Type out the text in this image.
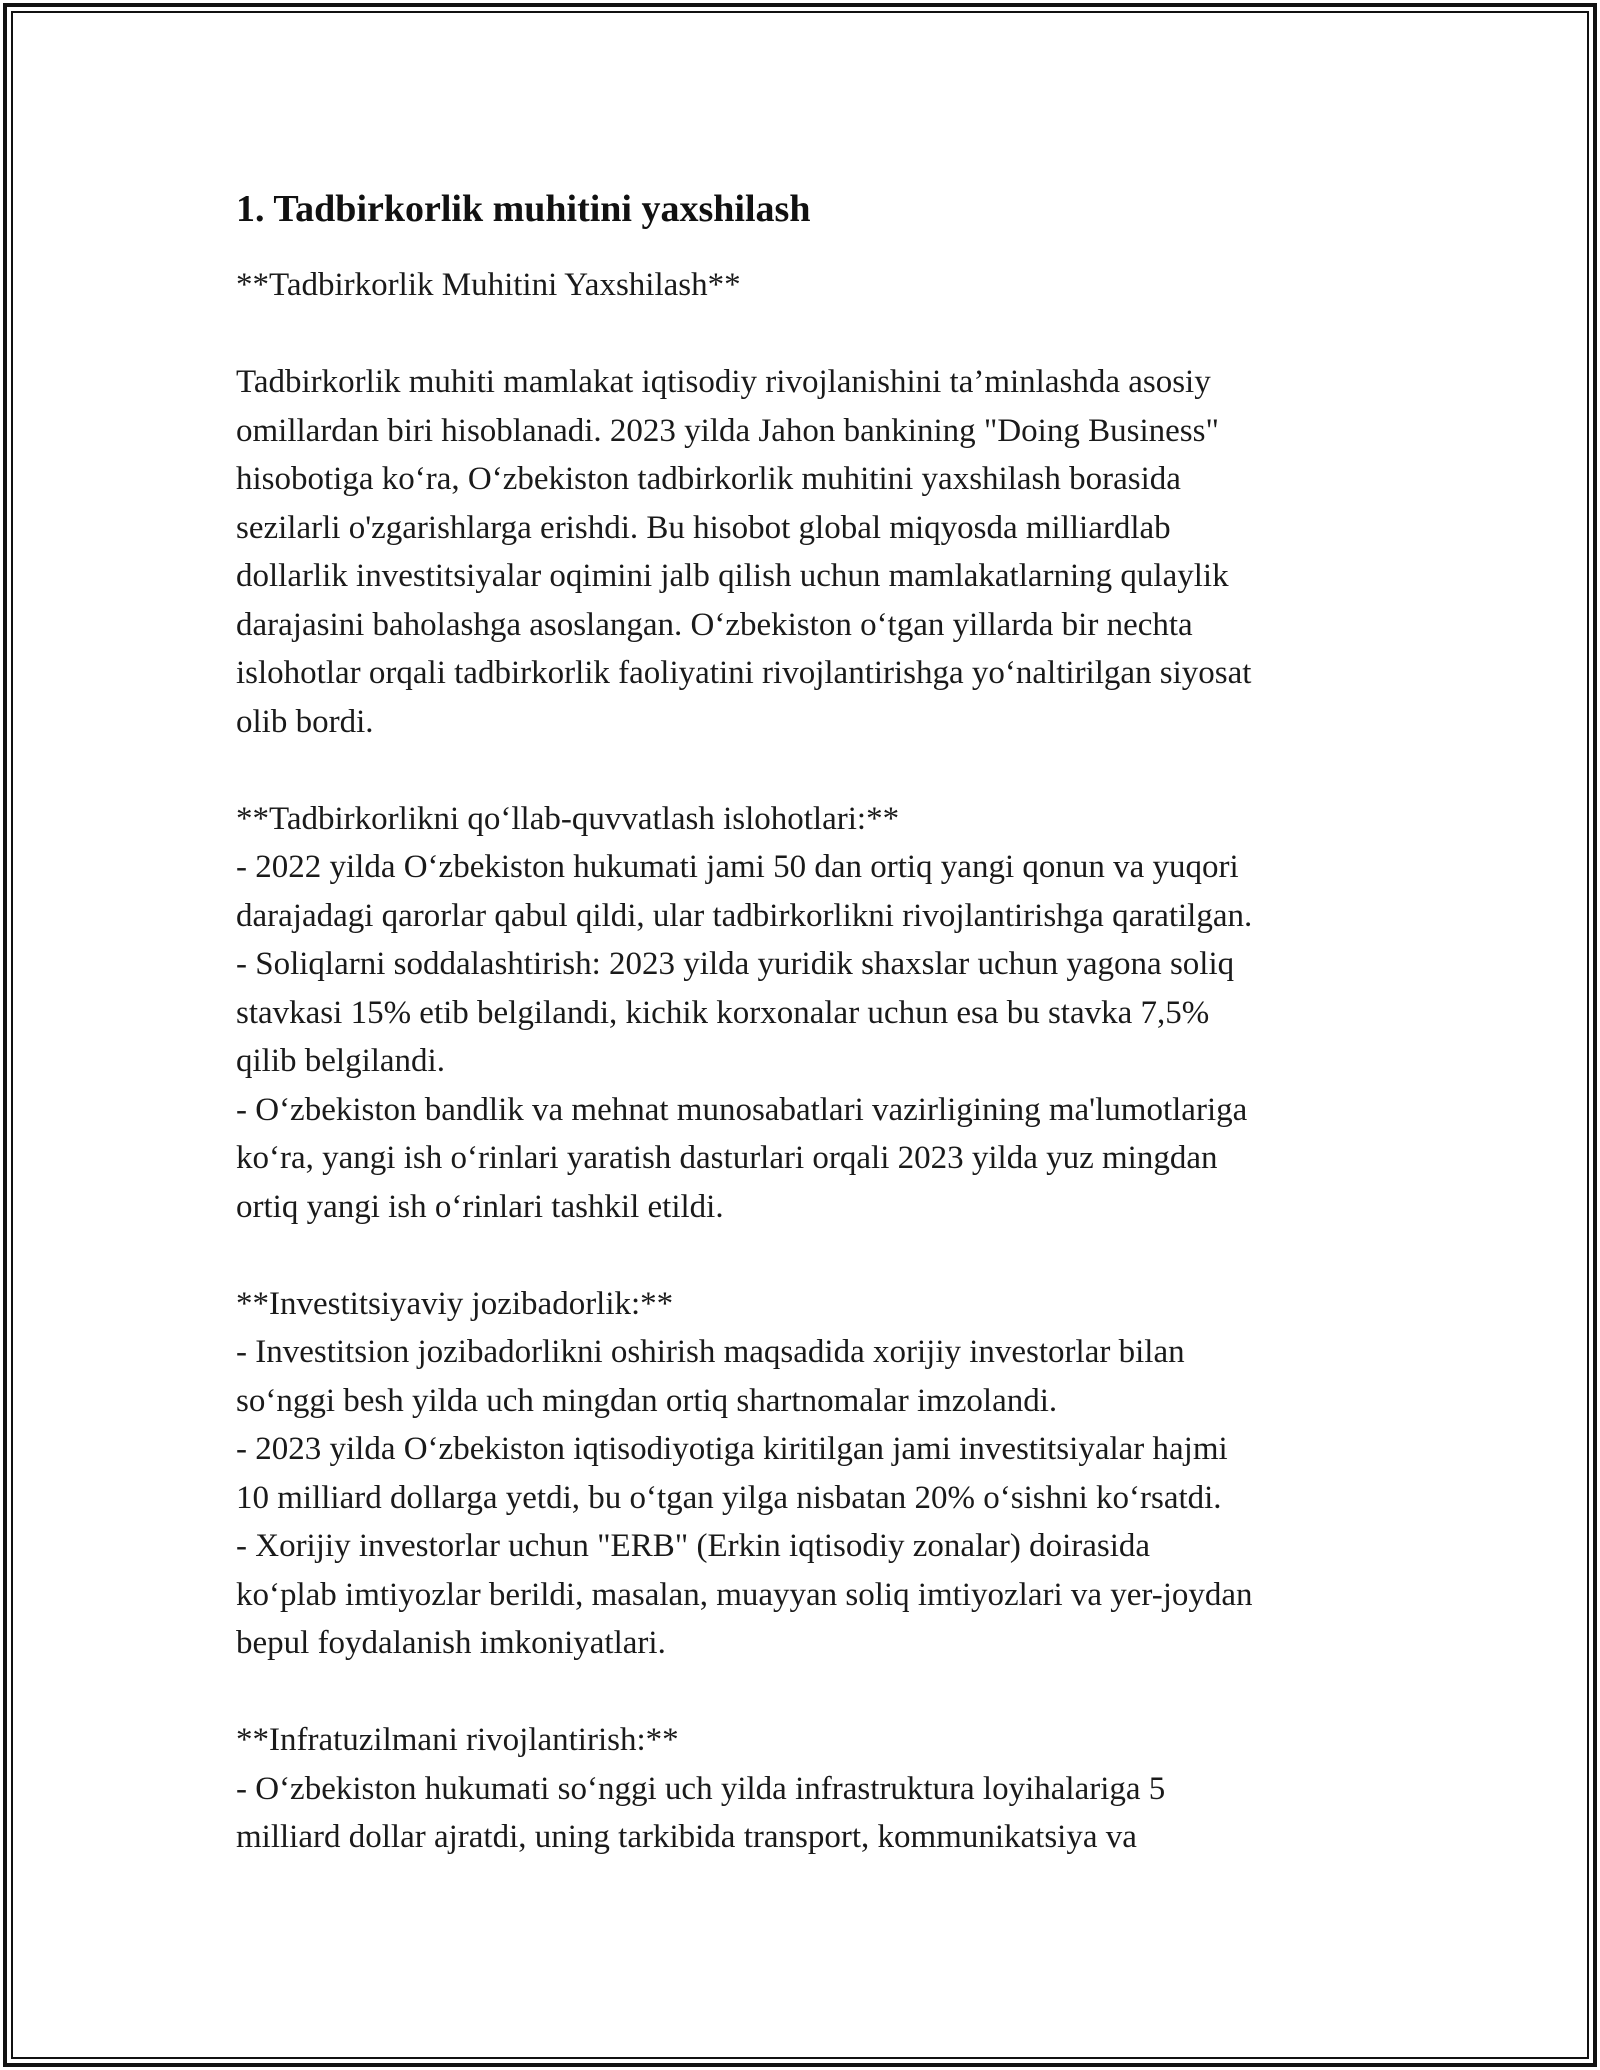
1. Tadbirkorlik muhitini yaxshilash

**Tadbirkorlik Muhitini Yaxshilash**

Tadbirkorlik muhiti mamlakat iqtisodiy rivojlanishini ta’minlashda asosiy
omillardan biri hisoblanadi. 2023 yilda Jahon bankining "Doing Business"
hisobotiga ko‘ra, O‘zbekiston tadbirkorlik muhitini yaxshilash borasida
sezilarli o'zgarishlarga erishdi. Bu hisobot global miqyosda milliardlab
dollarlik investitsiyalar oqimini jalb qilish uchun mamlakatlarning qulaylik
darajasini baholashga asoslangan. O‘zbekiston o‘tgan yillarda bir nechta
islohotlar orqali tadbirkorlik faoliyatini rivojlantirishga yo‘naltirilgan siyosat
olib bordi.

**Tadbirkorlikni qo‘llab-quvvatlash islohotlari:**

- 2022 yilda O‘zbekiston hukumati jami 50 dan ortiq yangi qonun va yuqori
darajadagi qarorlar qabul qildi, ular tadbirkorlikni rivojlantirishga qaratilgan.

- Soliqlarni soddalashtirish: 2023 yilda yuridik shaxslar uchun yagona soliq
stavkasi 15% etib belgilandi, kichik korxonalar uchun esa bu stavka 7,5%
qilib belgilandi.

- O‘zbekiston bandlik va mehnat munosabatlari vazirligining ma'lumotlariga
ko‘ra, yangi ish o‘rinlari yaratish dasturlari orqali 2023 yilda yuz mingdan
ortiq yangi ish o‘rinlari tashkil etildi.

**Investitsiyaviy jozibadorlik:**

- Investitsion jozibadorlikni oshirish maqsadida xorijiy investorlar bilan
so‘nggi besh yilda uch mingdan ortiq shartnomalar imzolandi.

- 2023 yilda O‘zbekiston iqtisodiyotiga kiritilgan jami investitsiyalar hajmi
10 milliard dollarga yetdi, bu o‘tgan yilga nisbatan 20% o‘sishni ko‘rsatdi.

- Xorijiy investorlar uchun "ERB" (Erkin iqtisodiy zonalar) doirasida
ko‘plab imtiyozlar berildi, masalan, muayyan soliq imtiyozlari va yer-joydan
bepul foydalanish imkoniyatlari.

**Infratuzilmani rivojlantirish:**

- O‘zbekiston hukumati so‘nggi uch yilda infrastruktura loyihalariga 5
milliard dollar ajratdi, uning tarkibida transport, kommunikatsiya va
